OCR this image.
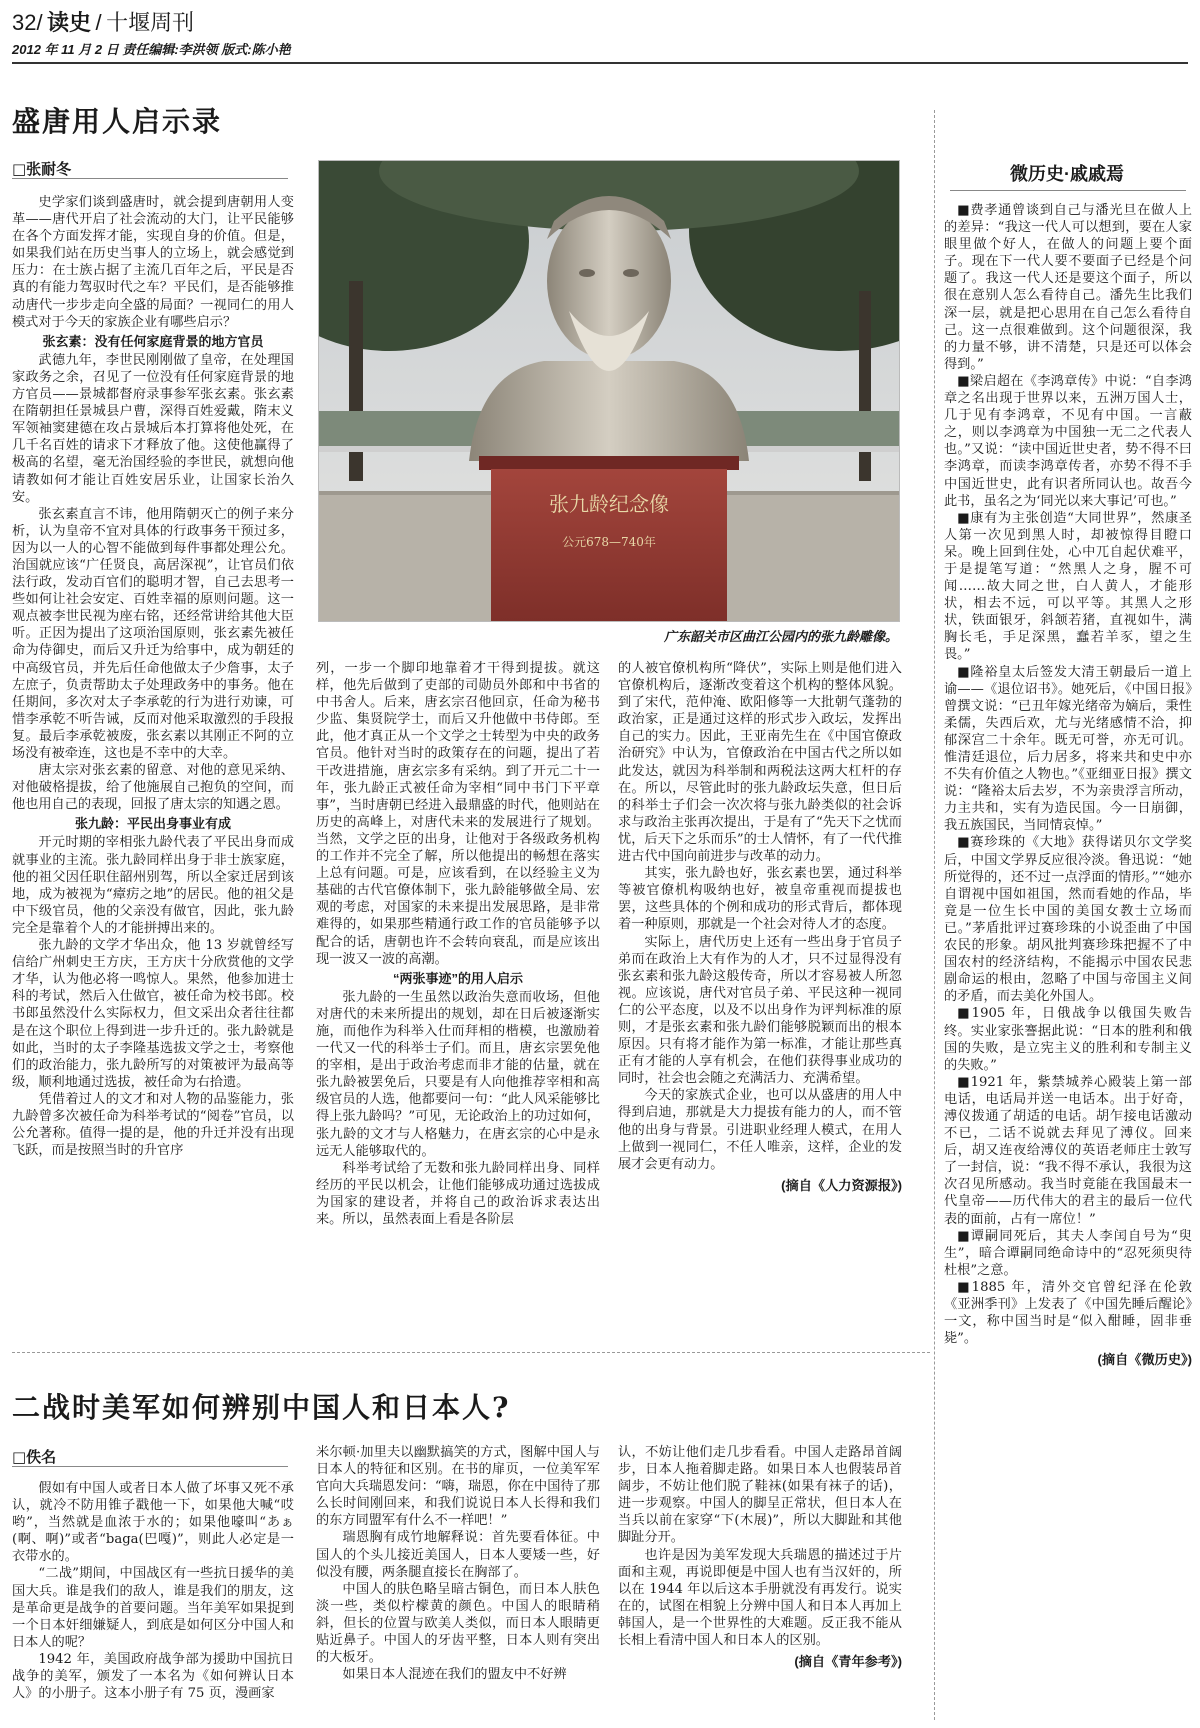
32/ 读史 / 十堰周刊
2012 年 11 月 2 日 责任编辑:李洪领 版式:陈小艳
盛唐用人启示录
□张耐冬

史学家们谈到盛唐时，就会提到唐朝用人变革——唐代开启了社会流动的大门，让平民能够在各个方面发挥才能，实现自身的价值。但是，如果我们站在历史当事人的立场上，就会感觉到压力：在士族占据了主流几百年之后，平民是否真的有能力驾驭时代之车？平民们，是否能够推动唐代一步步走向全盛的局面？一视同仁的用人模式对于今天的家族企业有哪些启示？

张玄素：没有任何家庭背景的地方官员

武德九年，李世民刚刚做了皇帝，在处理国家政务之余，召见了一位没有任何家庭背景的地方官员——景城都督府录事参军张玄素。张玄素在隋朝担任景城县户曹，深得百姓爱戴，隋末义军领袖窦建德在攻占景城后本打算将他处死，在几千名百姓的请求下才释放了他。这使他赢得了极高的名望，毫无治国经验的李世民，就想向他请教如何才能让百姓安居乐业，让国家长治久安。

张玄素直言不讳，他用隋朝灭亡的例子来分析，认为皇帝不宜对具体的行政事务干预过多，因为以一人的心智不能做到每件事都处理公允。治国就应该“广任贤良，高居深视”，让官员们依法行政，发动百官们的聪明才智，自己去思考一些如何让社会安定、百姓幸福的原则问题。这一观点被李世民视为座右铭，还经常讲给其他大臣听。正因为提出了这项治国原则，张玄素先被任命为侍御史，而后又升迁为给事中，成为朝廷的中高级官员，并先后任命他做太子少詹事，太子左庶子，负责帮助太子处理政务中的事务。他在任期间，多次对太子李承乾的行为进行劝谏，可惜李承乾不听告诫，反而对他采取激烈的手段报复。最后李承乾被废，张玄素以其刚正不阿的立场没有被牵连，这也是不幸中的大幸。

唐太宗对张玄素的留意、对他的意见采纳、对他破格提拔，给了他施展自己抱负的空间，而他也用自己的表现，回报了唐太宗的知遇之恩。

张九龄：平民出身事业有成

开元时期的宰相张九龄代表了平民出身而成就事业的主流。张九龄同样出身于非士族家庭，他的祖父因任职住韶州别驾，所以全家迁居到该地，成为被视为“瘴疠之地”的居民。他的祖父是中下级官员，他的父亲没有做官，因此，张九龄完全是靠着个人的才能拼搏出来的。

张九龄的文学才华出众，他 13 岁就曾经写信给广州刺史王方庆，王方庆十分欣赏他的文学才华，认为他必将一鸣惊人。果然，他参加进士科的考试，然后入仕做官，被任命为校书郎。校书郎虽然没什么实际权力，但文采出众者往往都是在这个职位上得到进一步升迁的。张九龄就是如此，当时的太子李隆基选拔文学之士，考察他们的政治能力，张九龄所写的对策被评为最高等级，顺利地通过选拔，被任命为右拾遗。

凭借着过人的文才和对人物的品鉴能力，张九龄曾多次被任命为科举考试的“阅卷”官员，以公允著称。值得一提的是，他的升迁并没有出现飞跃，而是按照当时的升官序

列，一步一个脚印地靠着才干得到提拔。就这样，他先后做到了吏部的司勋员外郎和中书省的中书舍人。后来，唐玄宗召他回京，任命为秘书少监、集贤院学士，而后又升他做中书侍郎。至此，他才真正从一个文学之士转型为中央的政务官员。他针对当时的政策存在的问题，提出了若干改进措施，唐玄宗多有采纳。到了开元二十一年，张九龄正式被任命为宰相“同中书门下平章事”，当时唐朝已经进入最鼎盛的时代，他则站在历史的高峰上，对唐代未来的发展进行了规划。当然，文学之臣的出身，让他对于各级政务机构的工作并不完全了解，所以他提出的畅想在落实上总有问题。可是，应该看到，在以经验主义为基础的古代官僚体制下，张九龄能够做全局、宏观的考虑，对国家的未来提出发展思路，是非常难得的，如果那些精通行政工作的官员能够予以配合的话，唐朝也许不会转向衰乱，而是应该出现一波又一波的高潮。

“两张事迹”的用人启示

张九龄的一生虽然以政治失意而收场，但他对唐代的未来所提出的规划，却在日后被逐渐实施，而他作为科举入仕而拜相的楷模，也激励着一代又一代的科举士子们。而且，唐玄宗罢免他的宰相，是出于政治考虑而非才能的估量，就在张九龄被罢免后，只要是有人向他推荐宰相和高级官员的人选，他都要问一句：“此人风采能够比得上张九龄吗？”可见，无论政治上的功过如何，张九龄的文才与人格魅力，在唐玄宗的心中是永远无人能够取代的。

科举考试给了无数和张九龄同样出身、同样经历的平民以机会，让他们能够成功通过选拔成为国家的建设者，并将自己的政治诉求表达出来。所以，虽然表面上看是各阶层

的人被官僚机构所“降伏”，实际上则是他们进入官僚机构后，逐渐改变着这个机构的整体风貌。到了宋代，范仲淹、欧阳修等一大批朝气蓬勃的政治家，正是通过这样的形式步入政坛，发挥出自己的实力。因此，王亚南先生在《中国官僚政治研究》中认为，官僚政治在中国古代之所以如此发达，就因为科举制和两税法这两大杠杆的存在。所以，尽管此时的张九龄政坛失意，但日后的科举士子们会一次次将与张九龄类似的社会诉求与政治主张再次提出，于是有了“先天下之忧而忧，后天下之乐而乐”的士人情怀，有了一代代推进古代中国向前进步与改革的动力。

其实，张九龄也好，张玄素也罢，通过科举等被官僚机构吸纳也好，被皇帝重视而提拔也罢，这些具体的个例和成功的形式背后，都体现着一种原则，那就是一个社会对待人才的态度。

实际上，唐代历史上还有一些出身于官员子弟而在政治上大有作为的人才，只不过显得没有张玄素和张九龄这般传奇，所以才容易被人所忽视。应该说，唐代对官员子弟、平民这种一视同仁的公平态度，以及不以出身作为评判标准的原则，才是张玄素和张九龄们能够脱颖而出的根本原因。只有将才能作为第一标准，才能让那些真正有才能的人享有机会，在他们获得事业成功的同时，社会也会随之充满活力、充满希望。

今天的家族式企业，也可以从盛唐的用人中得到启迪，那就是大力提拔有能力的人，而不管他的出身与背景。引进职业经理人模式，在用人上做到一视同仁，不任人唯亲，这样，企业的发展才会更有动力。

(摘自《人力资源报》)

张九龄纪念像
公元678—740年
广东韶关市区曲江公园内的张九龄雕像。
二战时美军如何辨别中国人和日本人?
□佚名

假如有中国人或者日本人做了坏事又死不承认，就冷不防用锥子戳他一下，如果他大喊“哎哟”，当然就是血浓于水的；如果他嚎叫“あぁ(啊、啊)”或者“baga(巴嘎)”，则此人必定是一衣带水的。

“二战”期间，中国战区有一些抗日援华的美国大兵。谁是我们的敌人，谁是我们的朋友，这是革命更是战争的首要问题。当年美军如果捉到一个日本奸细嫌疑人，到底是如何区分中国人和日本人的呢？

1942 年，美国政府战争部为援助中国抗日战争的美军，颁发了一本名为《如何辨认日本人》的小册子。这本小册子有 75 页，漫画家

米尔顿·加里夫以幽默搞笑的方式，图解中国人与日本人的特征和区别。在书的扉页，一位美军军官向大兵瑞恩发问：“嗨，瑞恩，你在中国待了那么长时间刚回来，和我们说说日本人长得和我们的东方同盟军有什么不一样吧！”

瑞恩胸有成竹地解释说：首先要看体征。中国人的个头儿接近美国人，日本人要矮一些，好似没有腰，两条腿直接长在胸部了。

中国人的肤色略呈暗古铜色，而日本人肤色淡一些，类似柠檬黄的颜色。中国人的眼睛稍斜，但长的位置与欧美人类似，而日本人眼睛更贴近鼻子。中国人的牙齿平整，日本人则有突出的大板牙。

如果日本人混迹在我们的盟友中不好辨

认，不妨让他们走几步看看。中国人走路昂首阔步，日本人拖着脚走路。如果日本人也假装昂首阔步，不妨让他们脱了鞋袜(如果有袜子的话)，进一步观察。中国人的脚呈正常状，但日本人在当兵以前在家穿“下(木展)”，所以大脚趾和其他脚趾分开。

也许是因为美军发现大兵瑞恩的描述过于片面和主观，再说即便是中国人也有当汉奸的，所以在 1944 年以后这本手册就没有再发行。说实在的，试图在相貌上分辨中国人和日本人再加上韩国人，是一个世界性的大难题。反正我不能从长相上看清中国人和日本人的区别。

(摘自《青年参考》)

微历史·戚戚焉

■费孝通曾谈到自己与潘光旦在做人上的差异：“我这一代人可以想到，要在人家眼里做个好人，在做人的问题上要个面子。现在下一代人要不要面子已经是个问题了。我这一代人还是要这个面子，所以很在意别人怎么看待自己。潘先生比我们深一层，就是把心思用在自己怎么看待自己。这一点很难做到。这个问题很深，我的力量不够，讲不清楚，只是还可以体会得到。”

■梁启超在《李鸿章传》中说：“自李鸿章之名出现于世界以来，五洲万国人士，几于见有李鸿章，不见有中国。一言蔽之，则以李鸿章为中国独一无二之代表人也。”又说：“读中国近世史者，势不得不曰李鸿章，而读李鸿章传者，亦势不得不手中国近世史，此有识者所同认也。故吾今此书，虽名之为‘同光以来大事记’可也。”

■康有为主张创造“大同世界”，然康圣人第一次见到黑人时，却被惊得目瞪口呆。晚上回到住处，心中兀自起伏难平，于是提笔写道：“然黑人之身，腥不可闻……故大同之世，白人黄人，才能形状，相去不远，可以平等。其黑人之形状，铁面银牙，斜颔若猪，直视如牛，满胸长毛，手足深黑，蠢若羊豕，望之生畏。”

■隆裕皇太后签发大清王朝最后一道上谕——《退位诏书》。她死后，《中国日报》曾撰文说：“已丑年嫁光绪帝为嫡后，秉性柔儒，失西后欢，尤与光绪感情不洽，抑郁深宫二十余年。既无可誉，亦无可讥。惟清廷退位，后力居多，将来共和史中亦不失有价值之人物也。”《亚细亚日报》撰文说：“隆裕太后去岁，不为亲贵浮言所动，力主共和，实有为造民国。今一日崩御，我五族国民，当同情哀悼。”

■赛珍珠的《大地》获得诺贝尔文学奖后，中国文学界反应很冷淡。鲁迅说：“她所觉得的，还不过一点浮面的情形。”“她亦自谓视中国如祖国，然而看她的作品，毕竟是一位生长中国的美国女教士立场而已。”茅盾批评过赛珍珠的小说歪曲了中国农民的形象。胡风批判赛珍珠把握不了中国农村的经济结构，不能揭示中国农民悲剧命运的根由，忽略了中国与帝国主义间的矛盾，而去美化外国人。

■1905 年，日俄战争以俄国失败告终。实业家张謇据此说：“日本的胜利和俄国的失败，是立宪主义的胜利和专制主义的失败。”

■1921 年，紫禁城养心殿装上第一部电话，电话局并送一电话本。出于好奇，溥仪拨通了胡适的电话。胡乍接电话激动不已，二话不说就去拜见了溥仪。回来后，胡又连夜给溥仪的英语老师庄士敦写了一封信，说：“我不得不承认，我很为这次召见所感动。我当时竟能在我国最末一代皇帝——历代伟大的君主的最后一位代表的面前，占有一席位！”

■谭嗣同死后，其夫人李闰自号为“臾生”，暗合谭嗣同绝命诗中的“忍死须臾待杜根”之意。

■1885 年，清外交官曾纪泽在伦敦《亚洲季刊》上发表了《中国先睡后醒论》一文，称中国当时是“似入酣睡，固非垂毙”。

(摘自《微历史》)
